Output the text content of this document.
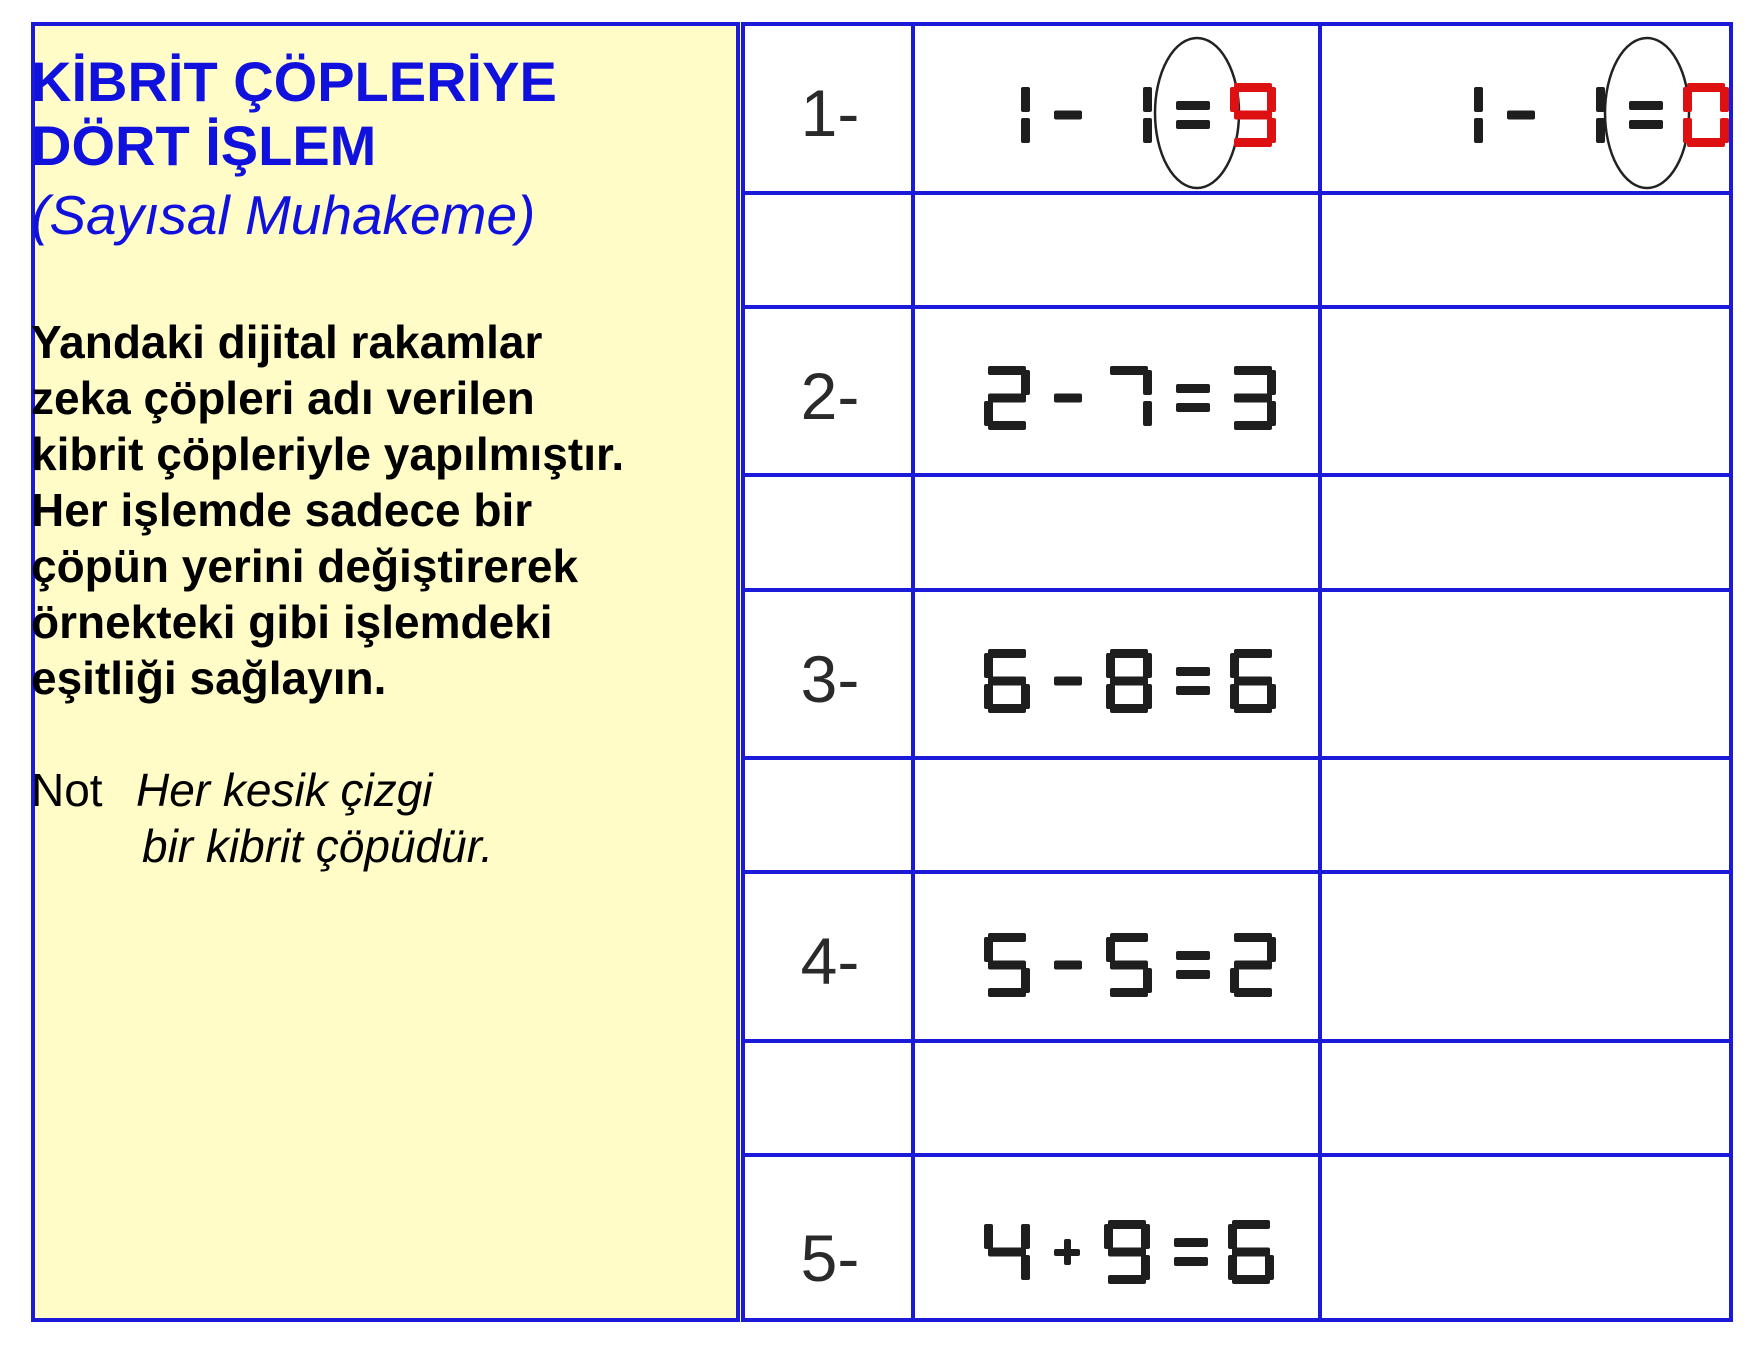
KİBRİT ÇÖPLERİYE
DÖRT İŞLEM

(Sayısal Muhakeme)

Yandaki dijital rakamlar
zeka çöpleri adı verilen
kibrit çöpleriyle yapılmıştır.
Her işlemde sadece bir
çöpün yerini değiştirerek
örnekteki gibi işlemdeki
eşitliği sağlayın.

Not Her kesik çizgi
bir kibrit çöpüdür.
1-
2-
3-
4-
5-
